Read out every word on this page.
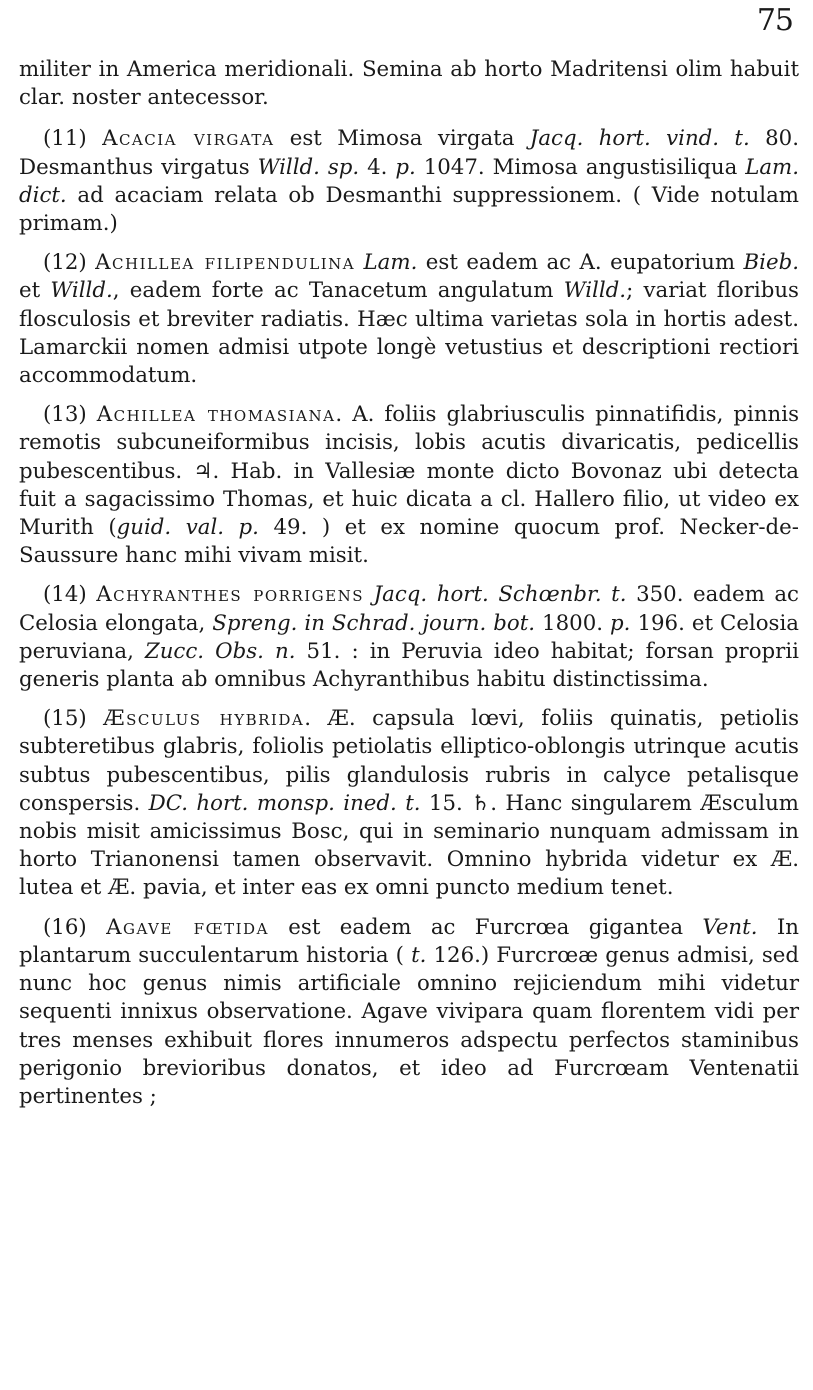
75

militer in America meridionali. Semina ab horto Madritensi olim habuit clar. noster antecessor.

(11) Acacia virgata est Mimosa virgata Jacq. hort. vind. t. 80. Desmanthus virgatus Willd. sp. 4. p. 1047. Mimosa angustisiliqua Lam. dict. ad acaciam relata ob Desmanthi suppressionem. ( Vide notulam primam.)

(12) Achillea filipendulina Lam. est eadem ac A. eupatorium Bieb. et Willd., eadem forte ac Tanacetum angulatum Willd.; variat floribus flosculosis et breviter radiatis. Hæc ultima varietas sola in hortis adest. Lamarckii nomen admisi utpote longè vetustius et descriptioni rectiori accommodatum.

(13) Achillea thomasiana. A. foliis glabriusculis pinnatifidis, pinnis remotis subcuneiformibus incisis, lobis acutis divaricatis, pedicellis pubescentibus. ♃. Hab. in Vallesiæ monte dicto Bovonaz ubi detecta fuit a sagacissimo Thomas, et huic dicata a cl. Hallero filio, ut video ex Murith (guid. val. p. 49. ) et ex nomine quocum prof. Necker-de-Saussure hanc mihi vivam misit.

(14) Achyranthes porrigens Jacq. hort. Schœnbr. t. 350. eadem ac Celosia elongata, Spreng. in Schrad. journ. bot. 1800. p. 196. et Celosia peruviana, Zucc. Obs. n. 51. : in Peruvia ideo habitat; forsan proprii generis planta ab omnibus Achyranthibus habitu distinctissima.

(15) Æsculus hybrida. Æ. capsula lœvi, foliis quinatis, petiolis subteretibus glabris, foliolis petiolatis elliptico-oblongis utrinque acutis subtus pubescentibus, pilis glandulosis rubris in calyce petalisque conspersis. DC. hort. monsp. ined. t. 15. ♄. Hanc singularem Æsculum nobis misit amicissimus Bosc, qui in seminario nunquam admissam in horto Trianonensi tamen observavit. Omnino hybrida videtur ex Æ. lutea et Æ. pavia, et inter eas ex omni puncto medium tenet.

(16) Agave fœtida est eadem ac Furcrœa gigantea Vent. In plantarum succulentarum historia ( t. 126.) Furcrœæ genus admisi, sed nunc hoc genus nimis artificiale omnino rejiciendum mihi videtur sequenti innixus observatione. Agave vivipara quam florentem vidi per tres menses exhibuit flores innumeros adspectu perfectos staminibus perigonio brevioribus donatos, et ideo ad Furcrœam Ventenatii pertinentes ;
